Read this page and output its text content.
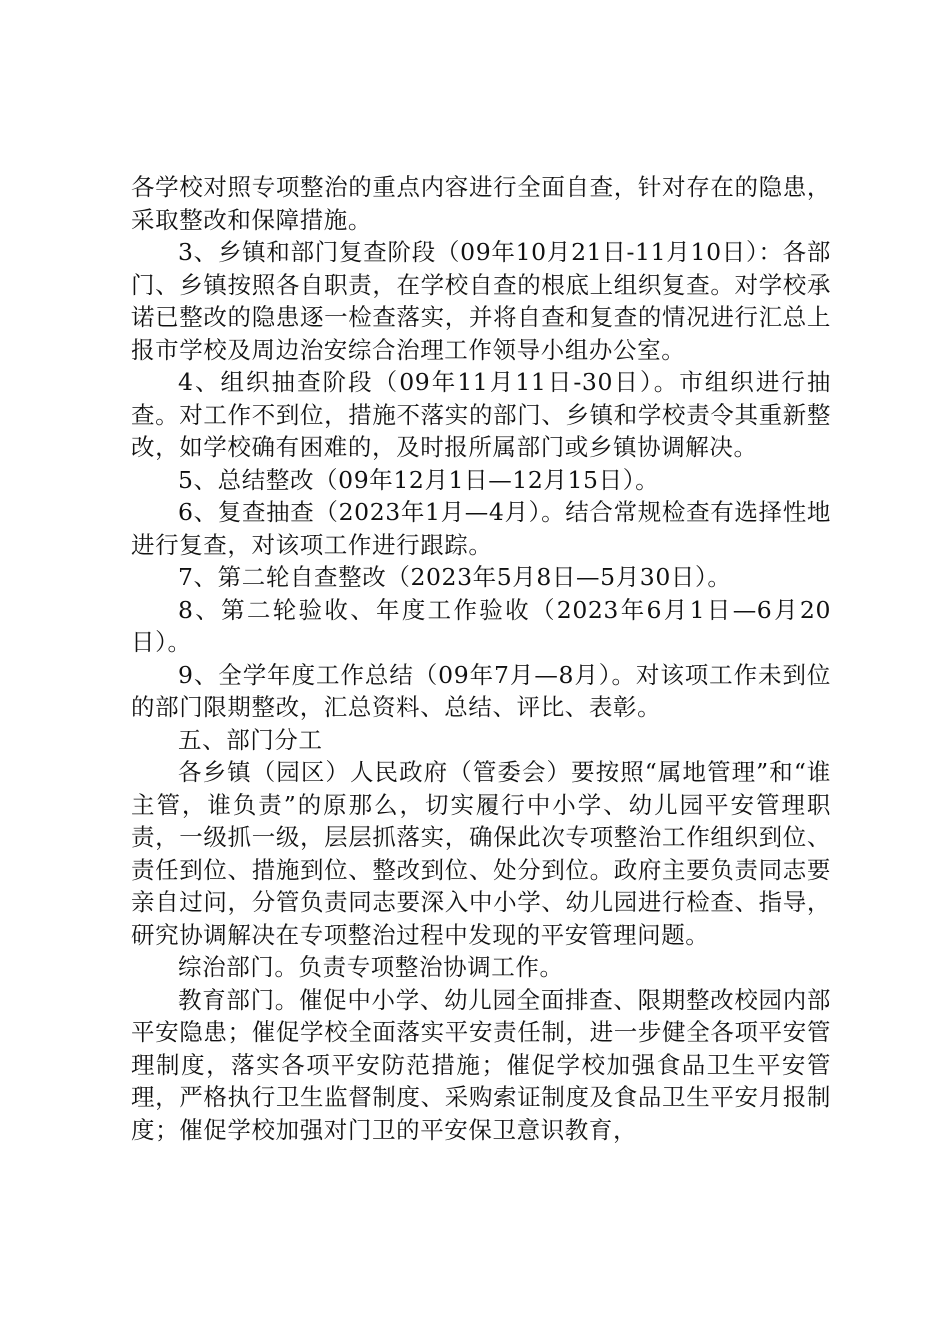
各学校对照专项整治的重点内容进行全面自查，针对存在的隐患，采取整改和保障措施。

3、乡镇和部门复查阶段（09年10月21日-11月10日）：各部门、乡镇按照各自职责，在学校自查的根底上组织复查。对学校承诺已整改的隐患逐一检查落实，并将自查和复查的情况进行汇总上报市学校及周边治安综合治理工作领导小组办公室。

4、组织抽查阶段（09年11月11日-30日）。市组织进行抽查。对工作不到位，措施不落实的部门、乡镇和学校责令其重新整改，如学校确有困难的，及时报所属部门或乡镇协调解决。

5、总结整改（09年12月1日—12月15日）。

6、复查抽查（2023年1月—4月）。结合常规检查有选择性地进行复查，对该项工作进行跟踪。

7、第二轮自查整改（2023年5月8日—5月30日）。

8、第二轮验收、年度工作验收（2023年6月1日—6月20日）。

9、全学年度工作总结（09年7月—8月）。对该项工作未到位的部门限期整改，汇总资料、总结、评比、表彰。

五、部门分工

各乡镇（园区）人民政府（管委会）要按照“属地管理”和“谁主管，谁负责”的原那么，切实履行中小学、幼儿园平安管理职责，一级抓一级，层层抓落实，确保此次专项整治工作组织到位、责任到位、措施到位、整改到位、处分到位。政府主要负责同志要亲自过问，分管负责同志要深入中小学、幼儿园进行检查、指导，研究协调解决在专项整治过程中发现的平安管理问题。

综治部门。负责专项整治协调工作。

教育部门。催促中小学、幼儿园全面排查、限期整改校园内部平安隐患；催促学校全面落实平安责任制，进一步健全各项平安管理制度，落实各项平安防范措施；催促学校加强食品卫生平安管理，严格执行卫生监督制度、采购索证制度及食品卫生平安月报制度；催促学校加强对门卫的平安保卫意识教育，
